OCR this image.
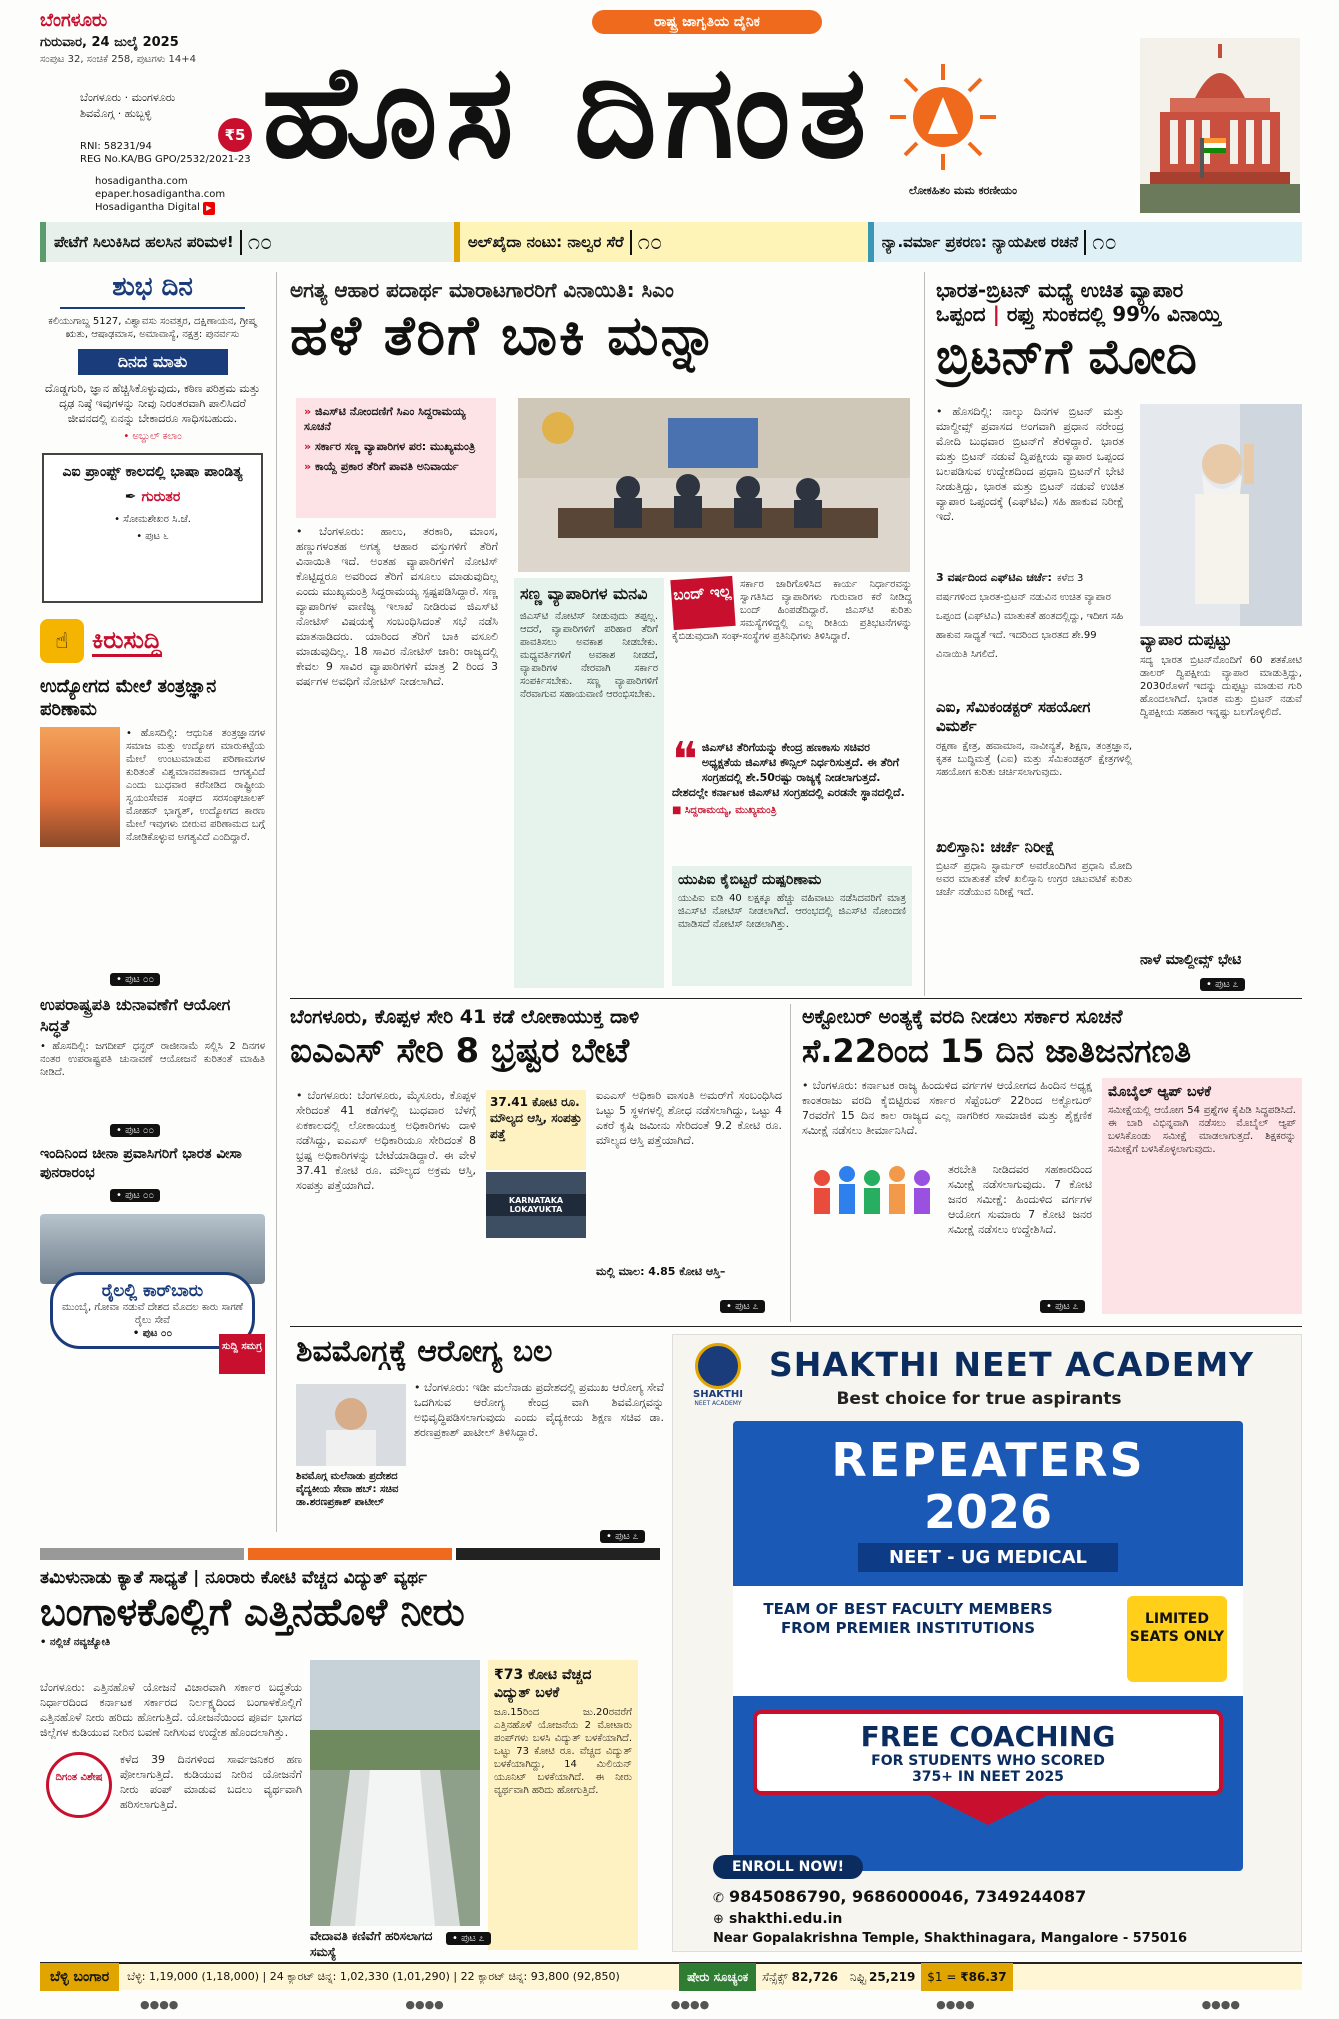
ಬೆಂಗಳೂರು
ಗುರುವಾರ, 24 ಜುಲೈ 2025
ಸಂಪುಟ 32, ಸಂಚಿಕೆ 258, ಪುಟಗಳು 14+4
ಬೆಂಗಳೂರು · ಮಂಗಳೂರು
ಶಿವಮೊಗ್ಗ · ಹುಬ್ಬಳ್ಳಿ
₹5
RNI: 58231/94
REG No.KA/BG GPO/2532/2021-23
hosadigantha.com
epaper.hosadigantha.com
Hosadigantha Digital ▶
ರಾಷ್ಟ್ರ ಜಾಗೃತಿಯ ದೈನಿಕ
ಹೊಸ ದಿಗಂತ
ಲೋಕಹಿತಂ ಮಮ ಕರಣೀಯಂ
ಪೇಟೆಗೆ ಸಿಲುಕಿಸಿದ ಹಲಸಿನ ಪರಿಮಳ! ೧೦	ಅಲ್‌ಖೈದಾ ನಂಟು: ನಾಲ್ವರ ಸೆರೆ ೧೦	ನ್ಯಾ.ವರ್ಮಾ ಪ್ರಕರಣ: ನ್ಯಾಯಪೀಠ ರಚನೆ ೧೦
ಶುಭ ದಿನ
ಕಲಿಯುಗಾಬ್ದ 5127, ವಿಶ್ವಾವಸು ಸಂವತ್ಸರ, ದಕ್ಷಿಣಾಯನ, ಗ್ರೀಷ್ಮ ಋತು, ಆಷಾಢಮಾಸ, ಅಮಾವಾಸ್ಯೆ, ನಕ್ಷತ್ರ: ಪುನರ್ವಸು
ದಿನದ ಮಾತು
ದೊಡ್ಡಗುರಿ, ಜ್ಞಾನ ಹೆಚ್ಚಿಸಿಕೊಳ್ಳುವುದು, ಕಠಿಣ ಪರಿಶ್ರಮ ಮತ್ತು ದೃಢ ನಿಷ್ಠೆ ಇವುಗಳನ್ನು ನೀವು ನಿರಂತರವಾಗಿ ಪಾಲಿಸಿದರೆ ಜೀವನದಲ್ಲಿ ಏನನ್ನು ಬೇಕಾದರೂ ಸಾಧಿಸಬಹುದು.
• ಅಬ್ದುಲ್ ಕಲಾಂ
ಎಐ ಪ್ರಾಂಪ್ಟ್ ಕಾಲದಲ್ಲಿ ಭಾಷಾ ಪಾಂಡಿತ್ಯ
✒ ಗುರುತರ
• ಸೋಮಶೇಖರ ಸಿ.ಜೆ.
• ಪುಟ ೬
☝ ಕಿರುಸುದ್ದಿ
ಉದ್ಯೋಗದ ಮೇಲೆ ತಂತ್ರಜ್ಞಾನ ಪರಿಣಾಮ
• ಹೊಸದಿಲ್ಲಿ: ಆಧುನಿಕ ತಂತ್ರಜ್ಞಾನಗಳ ಸಮಾಜ ಮತ್ತು ಉದ್ಯೋಗ ಮಾರುಕಟ್ಟೆಯ ಮೇಲೆ ಉಂಟುಮಾಡುವ ಪರಿಣಾಮಗಳ ಕುರಿತಂತೆ ವಿಶ್ವಮಾನವತಾವಾದ ಆಗತ್ಯವಿದೆ ಎಂದು ಬುಧವಾರ ಕರೆನೀಡಿದ ರಾಷ್ಟ್ರೀಯ ಸ್ವಯಂಸೇವಕ ಸಂಘದ ಸರಸಂಘಚಾಲಕ್ ಮೋಹನ್ ಭಾಗ್ವತ್, ಉದ್ಯೋಗದ ಕಾರಣ ಮೇಲೆ ಇವುಗಳು ಬೀರುವ ಪರಿಣಾಮದ ಬಗ್ಗೆ ನೋಡಿಕೊಳ್ಳುವ ಅಗತ್ಯವಿದೆ ಎಂದಿದ್ದಾರೆ.
• ಪುಟ ೦೦
ಉಪರಾಷ್ಟ್ರಪತಿ ಚುನಾವಣೆಗೆ ಆಯೋಗ ಸಿದ್ಧತೆ
• ಹೊಸದಿಲ್ಲಿ: ಜಗದೀಪ್ ಧನ್ಖರ್ ರಾಜೀನಾಮೆ ಸಲ್ಲಿಸಿ 2 ದಿನಗಳ ನಂತರ ಉಪರಾಷ್ಟ್ರಪತಿ ಚುನಾವಣೆ ಆಯೋಜನೆ ಕುರಿತಂತೆ ಮಾಹಿತಿ ನೀಡಿದೆ.
• ಪುಟ ೦೦
ಇಂದಿನಿಂದ ಚೀನಾ ಪ್ರವಾಸಿಗರಿಗೆ ಭಾರತ ವೀಸಾ ಪುನರಾರಂಭ
• ಪುಟ ೦೦
ರೈಲಲ್ಲಿ ಕಾರ್‌ಬಾರು
ಮುಂಬೈ, ಗೋವಾ ನಡುವೆ ದೇಶದ ಮೊದಲ ಕಾರು ಸಾಗಣೆ ರೈಲು ಸೇವೆ
• ಪುಟ ೦೦
ಸುದ್ದಿ ಸಮಗ್ರ
ಅಗತ್ಯ ಆಹಾರ ಪದಾರ್ಥ ಮಾರಾಟಗಾರರಿಗೆ ವಿನಾಯಿತಿ: ಸಿಎಂ
ಹಳೆ ತೆರಿಗೆ ಬಾಕಿ ಮನ್ನಾ
» ಜಿಎಸ್‌ಟಿ ನೋಂದಣಿಗೆ ಸಿಎಂ ಸಿದ್ದರಾಮಯ್ಯ ಸೂಚನೆ
» ಸರ್ಕಾರ ಸಣ್ಣ ವ್ಯಾಪಾರಿಗಳ ಪರ: ಮುಖ್ಯಮಂತ್ರಿ
» ಕಾಯ್ದೆ ಪ್ರಕಾರ ತೆರಿಗೆ ಪಾವತಿ ಅನಿವಾರ್ಯ
• ಬೆಂಗಳೂರು: ಹಾಲು, ತರಕಾರಿ, ಮಾಂಸ, ಹಣ್ಣುಗಳಂತಹ ಅಗತ್ಯ ಆಹಾರ ವಸ್ತುಗಳಿಗೆ ತೆರಿಗೆ ವಿನಾಯಿತಿ ಇದೆ. ಅಂತಹ ವ್ಯಾಪಾರಿಗಳಿಗೆ ನೋಟಿಸ್ ಕೊಟ್ಟಿದ್ದರೂ ಅವರಿಂದ ತೆರಿಗೆ ವಸೂಲು ಮಾಡುವುದಿಲ್ಲ ಎಂದು ಮುಖ್ಯಮಂತ್ರಿ ಸಿದ್ದರಾಮಯ್ಯ ಸ್ಪಷ್ಟಪಡಿಸಿದ್ದಾರೆ. ಸಣ್ಣ ವ್ಯಾಪಾರಿಗಳ ವಾಣಿಜ್ಯ ಇಲಾಖೆ ನೀಡಿರುವ ಜಿಎಸ್‌ಟಿ ನೋಟಿಸ್ ವಿಷಯಕ್ಕೆ ಸಂಬಂಧಿಸಿದಂತೆ ಸಭೆ ನಡೆಸಿ ಮಾತನಾಡಿದರು. ಯಾರಿಂದ ತೆರಿಗೆ ಬಾಕಿ ವಸೂಲಿ ಮಾಡುವುದಿಲ್ಲ. 18 ಸಾವಿರ ನೋಟಿಸ್ ಜಾರಿ: ರಾಜ್ಯದಲ್ಲಿ ಕೇವಲ 9 ಸಾವಿರ ವ್ಯಾಪಾರಿಗಳಿಗೆ ಮಾತ್ರ 2 ರಿಂದ 3 ವರ್ಷಗಳ ಅವಧಿಗೆ ನೋಟಿಸ್ ನೀಡಲಾಗಿದೆ.
ಸಣ್ಣ ವ್ಯಾಪಾರಿಗಳ ಮನವಿ
ಜಿಎಸ್‌ಟಿ ನೋಟಿಸ್ ನೀಡುವುದು ತಪ್ಪಲ್ಲ. ಆದರೆ, ವ್ಯಾಪಾರಿಗಳಿಗೆ ಪರಿಹಾರ ತೆರಿಗೆ ಪಾವತಿಸಲು ಅವಕಾಶ ನೀಡಬೇಕು. ಮಧ್ಯವರ್ತಿಗಳಿಗೆ ಅವಕಾಶ ನೀಡದೆ, ವ್ಯಾಪಾರಿಗಳ ನೇರವಾಗಿ ಸರ್ಕಾರ ಸಂಪರ್ಕಿಸಬೇಕು. ಸಣ್ಣ ವ್ಯಾಪಾರಿಗಳಿಗೆ ನೆರವಾಗುವ ಸಹಾಯವಾಣಿ ಆರಂಭಿಸಬೇಕು.
ಬಂದ್ ಇಲ್ಲ ಸರ್ಕಾರ ಜಾರಿಗೊಳಿಸಿದ ಕಾರ್ಯ ನಿರ್ಧಾರವನ್ನು ಸ್ವಾಗತಿಸಿದ ವ್ಯಾಪಾರಿಗಳು ಗುರುವಾರ ಕರೆ ನೀಡಿದ್ದ ಬಂದ್ ಹಿಂಪಡೆದಿದ್ದಾರೆ. ಜಿಎಸ್‌ಟಿ ಕುರಿತು ಸಮಸ್ಯೆಗಳಿದ್ದಲ್ಲಿ ಎಲ್ಲ ರೀತಿಯ ಪ್ರತಿಭಟನೆಗಳನ್ನು ಕೈಬಿಡುವುದಾಗಿ ಸಂಘ-ಸಂಸ್ಥೆಗಳ ಪ್ರತಿನಿಧಿಗಳು ತಿಳಿಸಿದ್ದಾರೆ.
❝ ಜಿಎಸ್‌ಟಿ ತೆರಿಗೆಯನ್ನು ಕೇಂದ್ರ ಹಣಕಾಸು ಸಚಿವರ ಅಧ್ಯಕ್ಷತೆಯ ಜಿಎಸ್‌ಟಿ ಕೌನ್ಸಿಲ್ ನಿರ್ಧರಿಸುತ್ತದೆ. ಈ ತೆರಿಗೆ ಸಂಗ್ರಹದಲ್ಲಿ ಶೇ.50ರಷ್ಟು ರಾಜ್ಯಕ್ಕೆ ನೀಡಲಾಗುತ್ತದೆ. ದೇಶದಲ್ಲೇ ಕರ್ನಾಟಕ ಜಿಎಸ್‌ಟಿ ಸಂಗ್ರಹದಲ್ಲಿ ಎರಡನೇ ಸ್ಥಾನದಲ್ಲಿದೆ.
■ ಸಿದ್ದರಾಮಯ್ಯ, ಮುಖ್ಯಮಂತ್ರಿ
ಯುಪಿಐ ಕೈಬಿಟ್ಟರೆ ದುಷ್ಪರಿಣಾಮ
ಯುಪಿಐ ಐಡಿ 40 ಲಕ್ಷಕ್ಕೂ ಹೆಚ್ಚು ವಹಿವಾಟು ನಡೆಸಿದವರಿಗೆ ಮಾತ್ರ ಜಿಎಸ್‌ಟಿ ನೋಟಿಸ್ ನೀಡಲಾಗಿದೆ. ಆರಂಭದಲ್ಲಿ ಜಿಎಸ್‌ಟಿ ನೋಂದಣಿ ಮಾಡಿಸದೆ ನೋಟಿಸ್ ನೀಡಲಾಗಿತ್ತು.
ಭಾರತ-ಬ್ರಿಟನ್ ಮಧ್ಯೆ ಉಚಿತ ವ್ಯಾಪಾರ
ಒಪ್ಪಂದ | ರಫ್ತು ಸುಂಕದಲ್ಲಿ 99% ವಿನಾಯ್ತಿ
ಬ್ರಿಟನ್‌ಗೆ ಮೋದಿ
• ಹೊಸದಿಲ್ಲಿ: ನಾಲ್ಕು ದಿನಗಳ ಬ್ರಿಟನ್ ಮತ್ತು ಮಾಲ್ದೀವ್ಸ್ ಪ್ರವಾಸದ ಅಂಗವಾಗಿ ಪ್ರಧಾನ ನರೇಂದ್ರ ಮೋದಿ ಬುಧವಾರ ಬ್ರಿಟನ್‌ಗೆ ತೆರಳಿದ್ದಾರೆ. ಭಾರತ ಮತ್ತು ಬ್ರಿಟನ್ ನಡುವೆ ದ್ವಿಪಕ್ಷೀಯ ವ್ಯಾಪಾರ ಒಪ್ಪಂದ ಬಲಪಡಿಸುವ ಉದ್ದೇಶದಿಂದ ಪ್ರಧಾನಿ ಬ್ರಿಟನ್‌ಗೆ ಭೇಟಿ ನೀಡುತ್ತಿದ್ದು, ಭಾರತ ಮತ್ತು ಬ್ರಿಟನ್ ನಡುವೆ ಉಚಿತ ವ್ಯಾಪಾರ ಒಪ್ಪಂದಕ್ಕೆ (ಎಫ್‌ಟಿಎ) ಸಹಿ ಹಾಕುವ ನಿರೀಕ್ಷೆ ಇದೆ.
3 ವರ್ಷದಿಂದ ಎಫ್‌ಟಿಎ ಚರ್ಚೆ: ಕಳೆದ 3 ವರ್ಷಗಳಿಂದ ಭಾರತ-ಬ್ರಿಟನ್ ನಡುವಿನ ಉಚಿತ ವ್ಯಾಪಾರ ಒಪ್ಪಂದ (ಎಫ್‌ಟಿಎ) ಮಾತುಕತೆ ಹಂತದಲ್ಲಿದ್ದು, ಇದೀಗ ಸಹಿ ಹಾಕುವ ಸಾಧ್ಯತೆ ಇದೆ. ಇದರಿಂದ ಭಾರತದ ಶೇ.99 ವಿನಾಯಿತಿ ಸಿಗಲಿದೆ.
ವ್ಯಾಪಾರ ದುಪ್ಪಟ್ಟು
ಸದ್ಯ ಭಾರತ ಬ್ರಿಟನ್‌ನೊಂದಿಗೆ 60 ಶತಕೋಟಿ ಡಾಲರ್ ದ್ವಿಪಕ್ಷೀಯ ವ್ಯಾಪಾರ ಮಾಡುತ್ತಿದ್ದು, 2030ರೊಳಗೆ ಇದನ್ನು ದುಪ್ಪಟ್ಟು ಮಾಡುವ ಗುರಿ ಹೊಂದಲಾಗಿದೆ. ಭಾರತ ಮತ್ತು ಬ್ರಿಟನ್ ನಡುವೆ ದ್ವಿಪಕ್ಷೀಯ ಸಹಕಾರ ಇನ್ನಷ್ಟು ಬಲಗೊಳ್ಳಲಿದೆ.
ಎಐ, ಸೆಮಿಕಂಡಕ್ಟರ್ ಸಹಯೋಗ ವಿಮರ್ಶೆ
ರಕ್ಷಣಾ ಕ್ಷೇತ್ರ, ಹವಾಮಾನ, ನಾವೀನ್ಯತೆ, ಶಿಕ್ಷಣ, ತಂತ್ರಜ್ಞಾನ, ಕೃತಕ ಬುದ್ಧಿಮತ್ತೆ (ಎಐ) ಮತ್ತು ಸೆಮಿಕಂಡಕ್ಟರ್ ಕ್ಷೇತ್ರಗಳಲ್ಲಿ ಸಹಯೋಗ ಕುರಿತು ಚರ್ಚಿಸಲಾಗುವುದು.
ಖಲಿಸ್ತಾನಿ: ಚರ್ಚೆ ನಿರೀಕ್ಷೆ
ಬ್ರಿಟನ್ ಪ್ರಧಾನಿ ಸ್ಟಾರ್ಮರ್ ಅವರೊಂದಿಗಿನ ಪ್ರಧಾನಿ ಮೋದಿ ಅವರ ಮಾತುಕತೆ ವೇಳೆ ಖಲಿಸ್ತಾನಿ ಉಗ್ರರ ಚಟುವಟಿಕೆ ಕುರಿತು ಚರ್ಚೆ ನಡೆಯುವ ನಿರೀಕ್ಷೆ ಇದೆ.
ನಾಳೆ ಮಾಲ್ದೀವ್ಸ್ ಭೇಟಿ
• ಪುಟ ೭
ಬೆಂಗಳೂರು, ಕೊಪ್ಪಳ ಸೇರಿ 41 ಕಡೆ ಲೋಕಾಯುಕ್ತ ದಾಳಿ
ಐಎಎಸ್ ಸೇರಿ 8 ಭ್ರಷ್ಟರ ಬೇಟೆ
• ಬೆಂಗಳೂರು: ಬೆಂಗಳೂರು, ಮೈಸೂರು, ಕೊಪ್ಪಳ ಸೇರಿದಂತೆ 41 ಕಡೆಗಳಲ್ಲಿ ಬುಧವಾರ ಬೆಳಗ್ಗೆ ಏಕಕಾಲದಲ್ಲಿ ಲೋಕಾಯುಕ್ತ ಅಧಿಕಾರಿಗಳು ದಾಳಿ ನಡೆಸಿದ್ದು, ಐಎಎಸ್ ಅಧಿಕಾರಿಯೂ ಸೇರಿದಂತೆ 8 ಭ್ರಷ್ಟ ಅಧಿಕಾರಿಗಳನ್ನು ಬೇಟೆಯಾಡಿದ್ದಾರೆ. ಈ ವೇಳೆ 37.41 ಕೋಟಿ ರೂ. ಮೌಲ್ಯದ ಅಕ್ರಮ ಆಸ್ತಿ, ಸಂಪತ್ತು ಪತ್ತೆಯಾಗಿದೆ.
37.41 ಕೋಟಿ ರೂ. ಮೌಲ್ಯದ ಆಸ್ತಿ, ಸಂಪತ್ತು ಪತ್ತೆ
KARNATAKA LOKAYUKTA
ಐಎಎಸ್ ಅಧಿಕಾರಿ ವಾಸಂತಿ ಅಮರ್‌ಗೆ ಸಂಬಂಧಿಸಿದ ಒಟ್ಟು 5 ಸ್ಥಳಗಳಲ್ಲಿ ಶೋಧ ನಡೆಸಲಾಗಿದ್ದು, ಒಟ್ಟು 4 ಎಕರೆ ಕೃಷಿ ಜಮೀನು ಸೇರಿದಂತೆ 9.2 ಕೋಟಿ ರೂ. ಮೌಲ್ಯದ ಆಸ್ತಿ ಪತ್ತೆಯಾಗಿದೆ.
ಮಲ್ಲಿ ಮಾಲ: 4.85 ಕೋಟಿ ಆಸ್ತಿ–
• ಪುಟ ೭
ಅಕ್ಟೋಬರ್ ಅಂತ್ಯಕ್ಕೆ ವರದಿ ನೀಡಲು ಸರ್ಕಾರ ಸೂಚನೆ
ಸೆ.22ರಿಂದ 15 ದಿನ ಜಾತಿಜನಗಣತಿ
• ಬೆಂಗಳೂರು: ಕರ್ನಾಟಕ ರಾಜ್ಯ ಹಿಂದುಳಿದ ವರ್ಗಗಳ ಆಯೋಗದ ಹಿಂದಿನ ಅಧ್ಯಕ್ಷ ಕಾಂತರಾಜು ವರದಿ ಕೈಬಿಟ್ಟಿರುವ ಸರ್ಕಾರ ಸೆಪ್ಟೆಂಬರ್ 22ರಿಂದ ಅಕ್ಟೋಬರ್ 7ರವರೆಗೆ 15 ದಿನ ಕಾಲ ರಾಜ್ಯದ ಎಲ್ಲ ನಾಗರಿಕರ ಸಾಮಾಜಿಕ ಮತ್ತು ಶೈಕ್ಷಣಿಕ ಸಮೀಕ್ಷೆ ನಡೆಸಲು ತೀರ್ಮಾನಿಸಿದೆ.
ತರಬೇತಿ ನೀಡಿದವರ ಸಹಕಾರದಿಂದ ಸಮೀಕ್ಷೆ ನಡೆಸಲಾಗುವುದು. 7 ಕೋಟಿ ಜನರ ಸಮೀಕ್ಷೆ: ಹಿಂದುಳಿದ ವರ್ಗಗಳ ಆಯೋಗ ಸುಮಾರು 7 ಕೋಟಿ ಜನರ ಸಮೀಕ್ಷೆ ನಡೆಸಲು ಉದ್ದೇಶಿಸಿದೆ.
ಮೊಬೈಲ್ ಆ್ಯಪ್ ಬಳಕೆ
ಸಮೀಕ್ಷೆಯಲ್ಲಿ ಆಯೋಗ 54 ಪ್ರಶ್ನೆಗಳ ಕೈಪಿಡಿ ಸಿದ್ಧಪಡಿಸಿದೆ. ಈ ಬಾರಿ ವಿಭಿನ್ನವಾಗಿ ನಡೆಸಲು ಮೊಬೈಲ್ ಆ್ಯಪ್ ಬಳಸಿಕೊಂಡು ಸಮೀಕ್ಷೆ ಮಾಡಲಾಗುತ್ತದೆ. ಶಿಕ್ಷಕರನ್ನು ಸಮೀಕ್ಷೆಗೆ ಬಳಸಿಕೊಳ್ಳಲಾಗುವುದು.
• ಪುಟ ೭
ಶಿವಮೊಗ್ಗಕ್ಕೆ ಆರೋಗ್ಯ ಬಲ
ಶಿವಮೊಗ್ಗ ಮಲೆನಾಡು ಪ್ರದೇಶದ ವೈದ್ಯಕೀಯ ಸೇವಾ ಹಬ್: ಸಚಿವ ಡಾ.ಶರಣಪ್ರಕಾಶ್ ಪಾಟೀಲ್
• ಬೆಂಗಳೂರು: ಇಡೀ ಮಲೆನಾಡು ಪ್ರದೇಶದಲ್ಲಿ ಪ್ರಮುಖ ಆರೋಗ್ಯ ಸೇವೆ ಒದಗಿಸುವ ಆರೋಗ್ಯ ಕೇಂದ್ರ ವಾಗಿ ಶಿವಮೊಗ್ಗವನ್ನು ಅಭಿವೃದ್ಧಿಪಡಿಸಲಾಗುವುದು ಎಂದು ವೈದ್ಯಕೀಯ ಶಿಕ್ಷಣ ಸಚಿವ ಡಾ. ಶರಣಪ್ರಕಾಶ್ ಪಾಟೀಲ್ ತಿಳಿಸಿದ್ದಾರೆ.
• ಪುಟ ೭
SHAKTHI
NEET ACADEMY
SHAKTHI NEET ACADEMY
Best choice for true aspirants
REPEATERS
2026
NEET - UG MEDICAL
TEAM OF BEST FACULTY MEMBERS FROM PREMIER INSTITUTIONS	LIMITED SEATS ONLY
FREE COACHING
FOR STUDENTS WHO SCORED
375+ IN NEET 2025
ENROLL NOW!
✆ 9845086790, 9686000046, 7349244087
⊕ shakthi.edu.in
Near Gopalakrishna Temple, Shakthinagara, Mangalore - 575016
ತಮಿಳುನಾಡು ಕ್ಯಾತೆ ಸಾಧ್ಯತೆ | ನೂರಾರು ಕೋಟಿ ವೆಚ್ಚದ ವಿದ್ಯುತ್ ವ್ಯರ್ಥ
ಬಂಗಾಳಕೊಲ್ಲಿಗೆ ಎತ್ತಿನಹೊಳೆ ನೀರು
• ನಲ್ಲಿಚೆ ನವ್ಯಜ್ಯೋತಿ
ಬೆಂಗಳೂರು: ಎತ್ತಿನಹೊಳೆ ಯೋಜನೆ ವಿಚಾರವಾಗಿ ಸರ್ಕಾರ ಬದ್ಧತೆಯ ನಿರ್ಧಾರದಿಂದ ಕರ್ನಾಟಕ ಸರ್ಕಾರದ ನಿರ್ಲಕ್ಷ್ಯದಿಂದ ಬಂಗಾಳಕೊಲ್ಲಿಗೆ ಎತ್ತಿನಹೊಳೆ ನೀರು ಹರಿದು ಹೋಗುತ್ತಿದೆ. ಯೋಜನೆಯಿಂದ ಪೂರ್ವ ಭಾಗದ ಜಿಲ್ಲೆಗಳ ಕುಡಿಯುವ ನೀರಿನ ಬವಣೆ ನೀಗಿಸುವ ಉದ್ದೇಶ ಹೊಂದಲಾಗಿತ್ತು.
ದಿಗಂತ ವಿಶೇಷ
ಕಳೆದ 39 ದಿನಗಳಿಂದ ಸಾರ್ವಜನಿಕರ ಹಣ ಪೋಲಾಗುತ್ತಿದೆ. ಕುಡಿಯುವ ನೀರಿನ ಯೋಜನೆಗೆ ನೀರು ಪಂಪ್ ಮಾಡುವ ಬದಲು ವ್ಯರ್ಥವಾಗಿ ಹರಿಸಲಾಗುತ್ತಿದೆ.
ವೇದಾವತಿ ಕಣಿವೆಗೆ ಹರಿಸಲಾಗದ ಸಮಸ್ಯೆ
₹73 ಕೋಟಿ ವೆಚ್ಚದ ವಿದ್ಯುತ್ ಬಳಕೆ
ಜೂ.15ರಿಂದ ಜು.20ರವರೆಗೆ ಎತ್ತಿನಹೊಳೆ ಯೋಜನೆಯ 2 ಮೋಟಾರು ಪಂಪ್‌ಗಳು ಬಳಸಿ ವಿದ್ಯುತ್ ಬಳಕೆಯಾಗಿದೆ. ಒಟ್ಟು 73 ಕೋಟಿ ರೂ. ವೆಚ್ಚದ ವಿದ್ಯುತ್ ಬಳಕೆಯಾಗಿದ್ದು, 14 ಮಿಲಿಯನ್ ಯೂನಿಟ್ ಬಳಕೆಯಾಗಿದೆ. ಈ ನೀರು ವ್ಯರ್ಥವಾಗಿ ಹರಿದು ಹೋಗುತ್ತಿದೆ.
• ಪುಟ ೭
ಬೆಳ್ಳಿ ಬಂಗಾರ	ಬೆಳ್ಳಿ: 1,19,000 (1,18,000) | 24 ಕ್ಯಾರಟ್ ಚಿನ್ನ: 1,02,330 (1,01,290) | 22 ಕ್ಯಾರಟ್ ಚಿನ್ನ: 93,800 (92,850)	ಷೇರು ಸೂಚ್ಯಂಕ	ಸೆನ್ಸೆಕ್ಸ್ 82,726	ನಿಫ್ಟಿ 25,219	$1 = ₹86.37
●●●●	●●●●	●●●●	●●●●	●●●●
